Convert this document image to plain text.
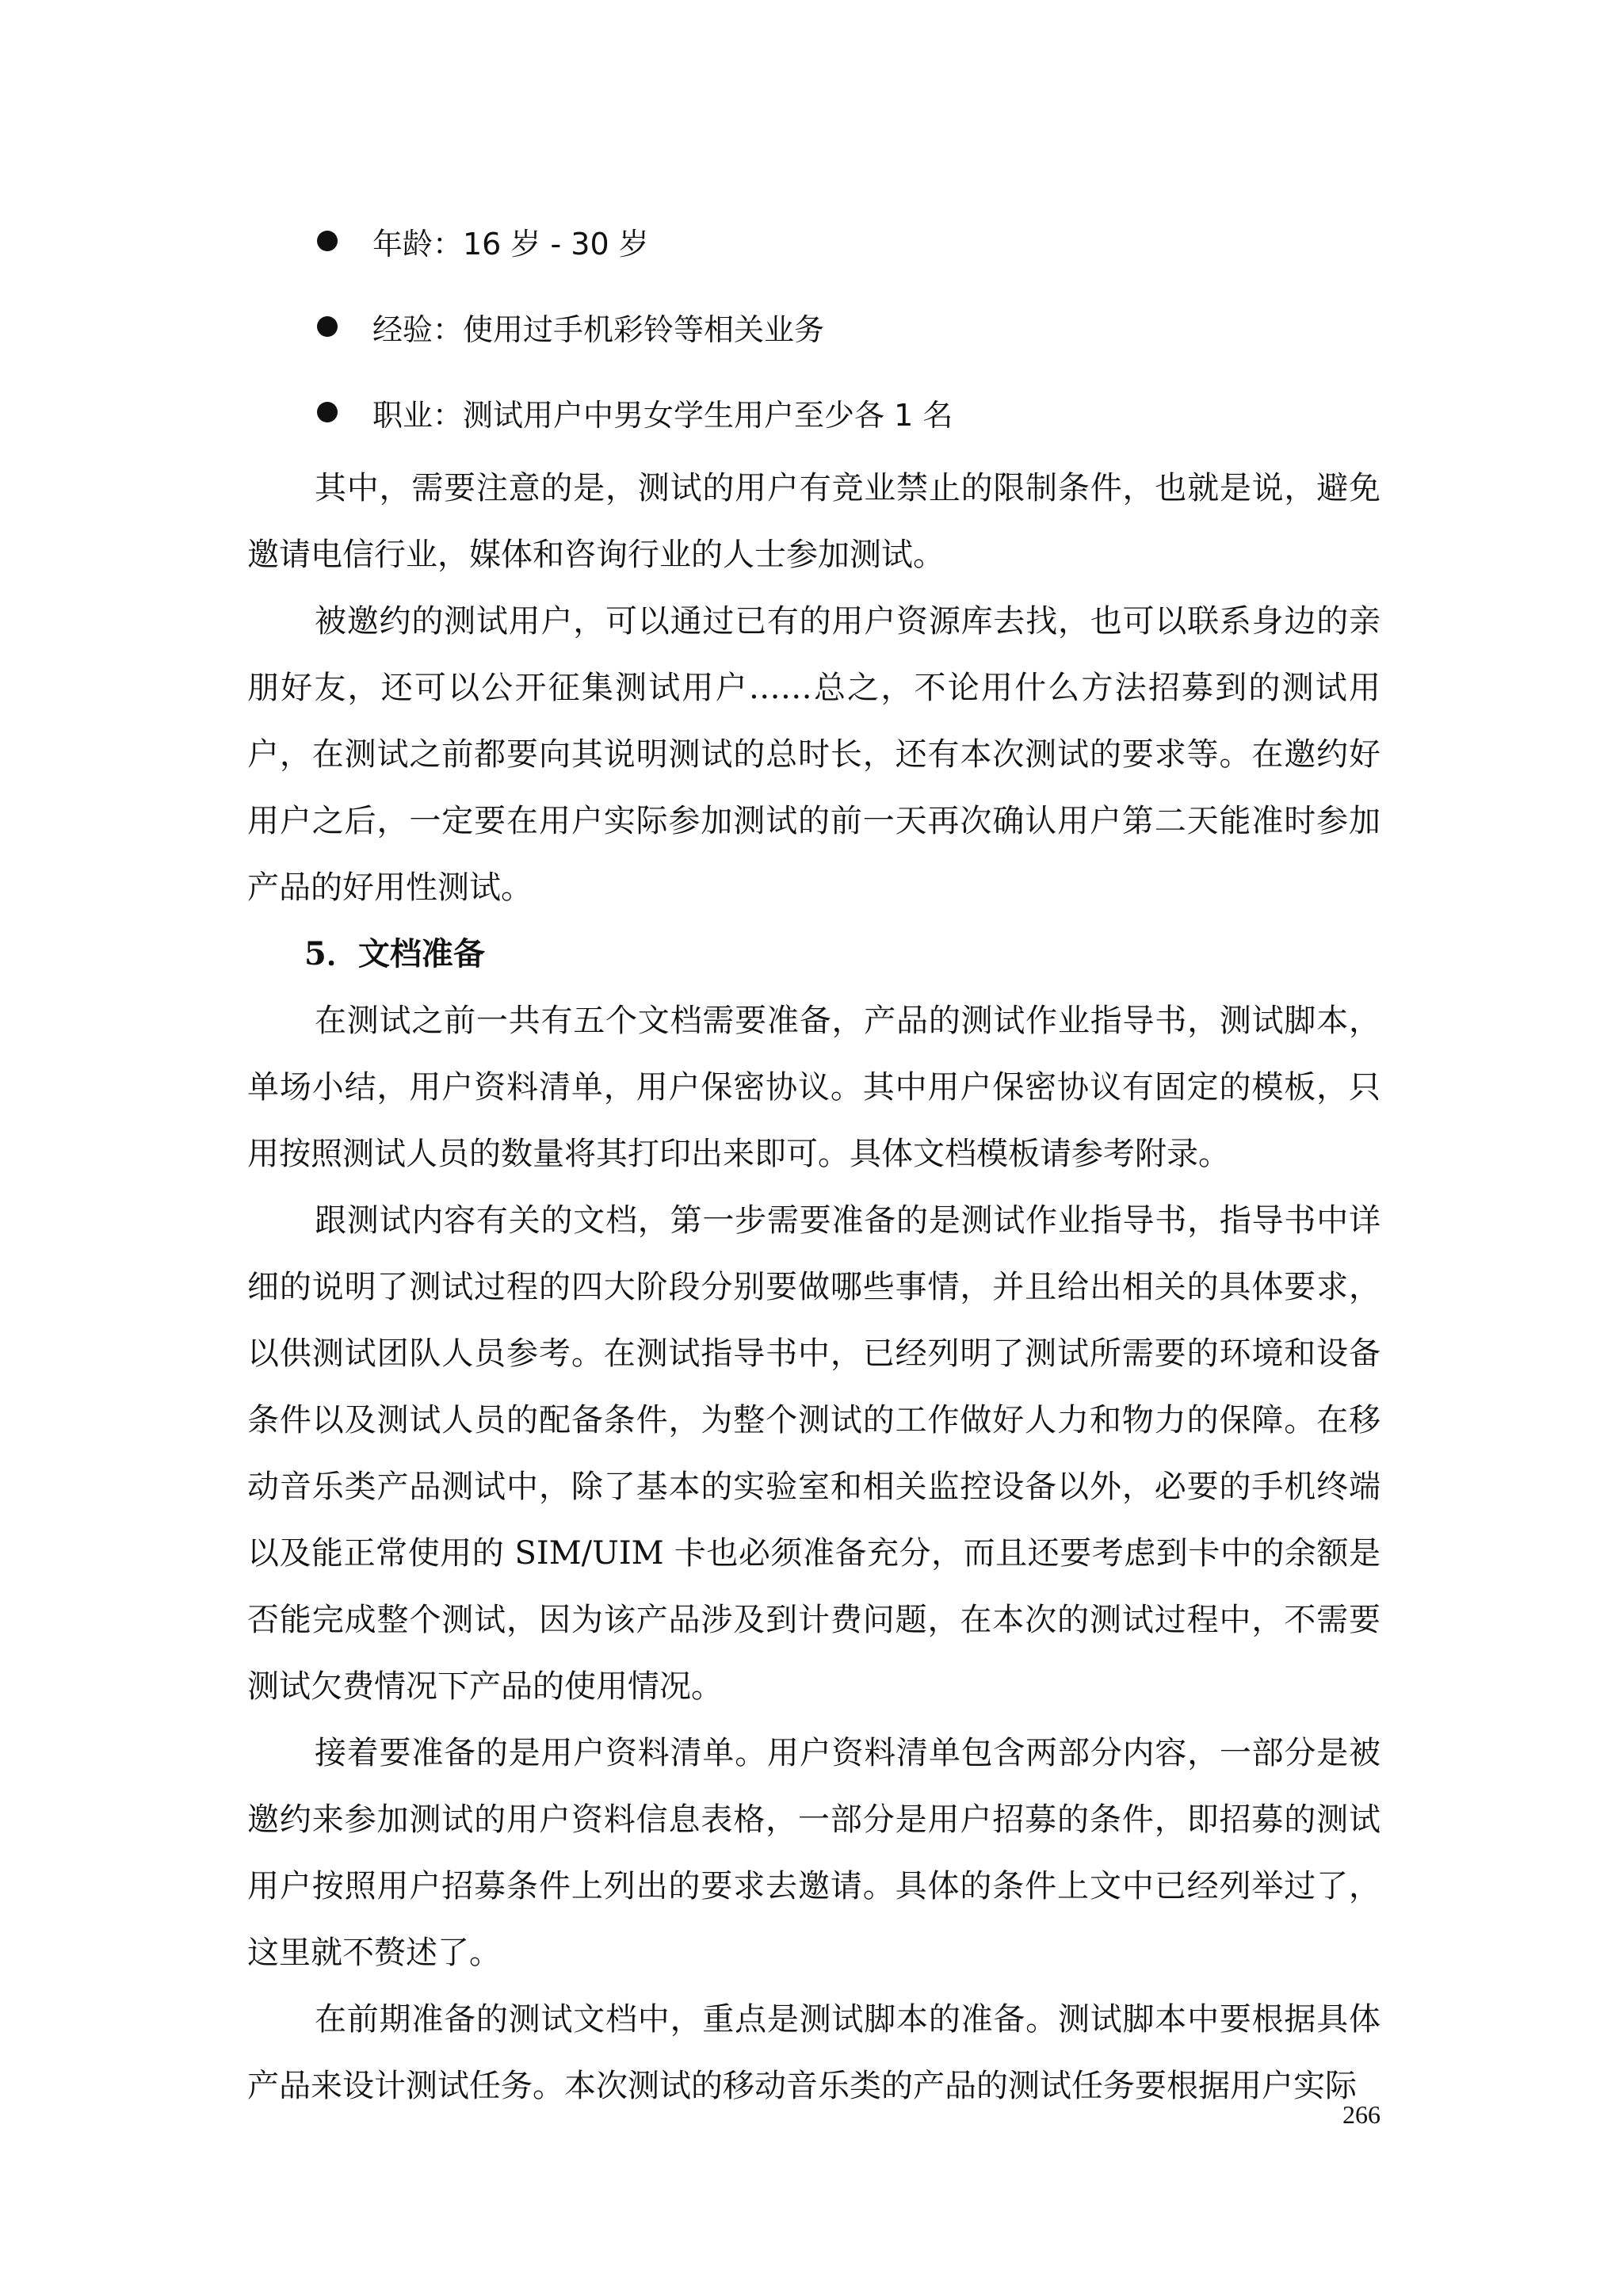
年龄：16 岁 - 30 岁
经验：使用过手机彩铃等相关业务
职业：测试用户中男女学生用户至少各 1 名

其中，需要注意的是，测试的用户有竞业禁止的限制条件，也就是说，避免邀请电信行业，媒体和咨询行业的人士参加测试。

被邀约的测试用户，可以通过已有的用户资源库去找，也可以联系身边的亲朋好友，还可以公开征集测试用户……总之，不论用什么方法招募到的测试用户，在测试之前都要向其说明测试的总时长，还有本次测试的要求等。在邀约好用户之后，一定要在用户实际参加测试的前一天再次确认用户第二天能准时参加产品的好用性测试。

5．文档准备

在测试之前一共有五个文档需要准备，产品的测试作业指导书，测试脚本，单场小结，用户资料清单，用户保密协议。其中用户保密协议有固定的模板，只用按照测试人员的数量将其打印出来即可。具体文档模板请参考附录。

跟测试内容有关的文档，第一步需要准备的是测试作业指导书，指导书中详细的说明了测试过程的四大阶段分别要做哪些事情，并且给出相关的具体要求，以供测试团队人员参考。在测试指导书中，已经列明了测试所需要的环境和设备条件以及测试人员的配备条件，为整个测试的工作做好人力和物力的保障。在移动音乐类产品测试中，除了基本的实验室和相关监控设备以外，必要的手机终端以及能正常使用的 SIM/UIM 卡也必须准备充分，而且还要考虑到卡中的余额是否能完成整个测试，因为该产品涉及到计费问题，在本次的测试过程中，不需要测试欠费情况下产品的使用情况。

接着要准备的是用户资料清单。用户资料清单包含两部分内容，一部分是被邀约来参加测试的用户资料信息表格，一部分是用户招募的条件，即招募的测试用户按照用户招募条件上列出的要求去邀请。具体的条件上文中已经列举过了，这里就不赘述了。

在前期准备的测试文档中，重点是测试脚本的准备。测试脚本中要根据具体产品来设计测试任务。本次测试的移动音乐类的产品的测试任务要根据用户实际

266
